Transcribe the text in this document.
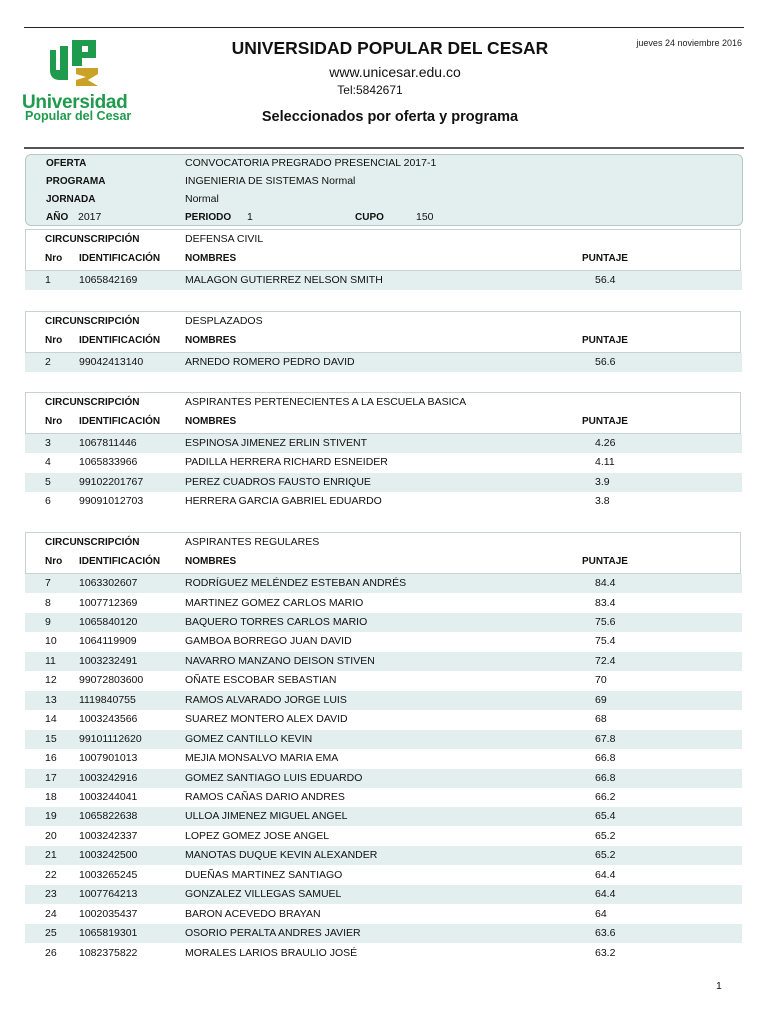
Universidad
Popular del Cesar
UNIVERSIDAD POPULAR DEL CESAR
www.unicesar.edu.co
Tel:5842671
jueves 24 noviembre 2016
Seleccionados por oferta y programa
OFERTA	CONVOCATORIA PREGRADO PRESENCIAL 2017-1
PROGRAMA	INGENIERIA DE SISTEMAS Normal
JORNADA	Normal
AÑO 2017	PERIODO 1	CUPO	150
CIRCUNSCRIPCIÓN	DEFENSA CIVIL
Nro IDENTIFICACIÓN NOMBRES	PUNTAJE
1	1065842169	MALAGON GUTIERREZ NELSON SMITH	56.4
CIRCUNSCRIPCIÓN	DESPLAZADOS
Nro IDENTIFICACIÓN NOMBRES	PUNTAJE
2	99042413140	ARNEDO ROMERO PEDRO DAVID	56.6
CIRCUNSCRIPCIÓN	ASPIRANTES PERTENECIENTES A LA ESCUELA BASICA
Nro IDENTIFICACIÓN NOMBRES	PUNTAJE
3	1067811446	ESPINOSA JIMENEZ ERLIN STIVENT	4.26
4	1065833966	PADILLA HERRERA RICHARD ESNEIDER	4.11
5	99102201767	PEREZ CUADROS FAUSTO ENRIQUE	3.9
6	99091012703	HERRERA GARCIA GABRIEL EDUARDO	3.8
CIRCUNSCRIPCIÓN	ASPIRANTES REGULARES
Nro IDENTIFICACIÓN NOMBRES	PUNTAJE
7	1063302607	RODRÍGUEZ MELÉNDEZ ESTEBAN ANDRÉS	84.4
8	1007712369	MARTINEZ GOMEZ CARLOS MARIO	83.4
9	1065840120	BAQUERO TORRES CARLOS MARIO	75.6
10 1064119909	GAMBOA BORREGO JUAN DAVID	75.4
11 1003232491	NAVARRO MANZANO DEISON STIVEN	72.4
12 99072803600	OÑATE ESCOBAR SEBASTIAN	70
13 1119840755	RAMOS ALVARADO JORGE LUIS	69
14 1003243566	SUAREZ MONTERO ALEX DAVID	68
15 99101112620	GOMEZ CANTILLO KEVIN	67.8
16 1007901013	MEJIA MONSALVO MARIA EMA	66.8
17 1003242916	GOMEZ SANTIAGO LUIS EDUARDO	66.8
18 1003244041	RAMOS CAÑAS DARIO ANDRES	66.2
19 1065822638	ULLOA JIMENEZ MIGUEL ANGEL	65.4
20 1003242337	LOPEZ GOMEZ JOSE ANGEL	65.2
21 1003242500	MANOTAS DUQUE KEVIN ALEXANDER	65.2
22 1003265245	DUEÑAS MARTINEZ SANTIAGO	64.4
23 1007764213	GONZALEZ VILLEGAS SAMUEL	64.4
24 1002035437	BARON ACEVEDO BRAYAN	64
25 1065819301	OSORIO PERALTA ANDRES JAVIER	63.6
26 1082375822	MORALES LARIOS BRAULIO JOSÉ	63.2
1
